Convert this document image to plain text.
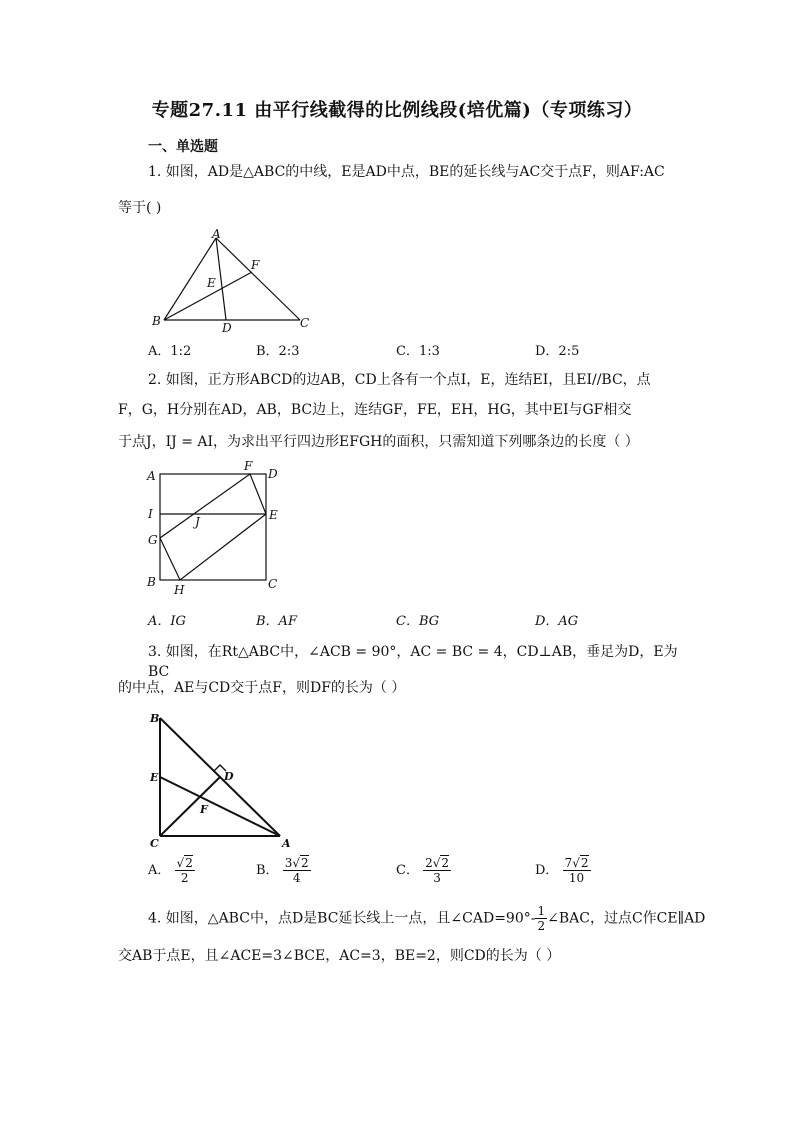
专题27.11 由平行线截得的比例线段(培优篇)（专项练习）
一、单选题
1. 如图，AD是△ABC的中线，E是AD中点，BE的延长线与AC交于点F，则AF:AC
等于( )
A
B	C
D
E
F
A．1:2	B．2:3	C．1:3	D．2:5
2. 如图，正方形ABCD的边AB，CD上各有一个点I，E，连结EI，且EI//BC，点
F，G，H分别在AD，AB，BC边上，连结GF，FE，EH，HG，其中EI与GF相交
于点J，IJ = AI，为求出平行四边形EFGH的面积，只需知道下列哪条边的长度（ ）
A
B	C
D
E
F
G
H
I
J
A．IG	B．AF	C．BG	D．AG
3. 如图，在Rt△ABC中，∠ACB = 90°，AC = BC = 4，CD⊥AB，垂足为D，E为BC
的中点，AE与CD交于点F，则DF的长为（ ）
B
C	A
D
E
F
A． $\frac{√2}{2}$	B． $\frac{3√2}{4}$	C． $\frac{2√2}{3}$	D． $\frac{7√2}{10}$
4. 如图，△ABC中，点D是BC延长线上一点，且∠CAD=90°- $\frac{1}{2}$ ∠BAC，过点C作CE∥AD
交AB于点E，且∠ACE=3∠BCE，AC=3，BE=2，则CD的长为（ ）
